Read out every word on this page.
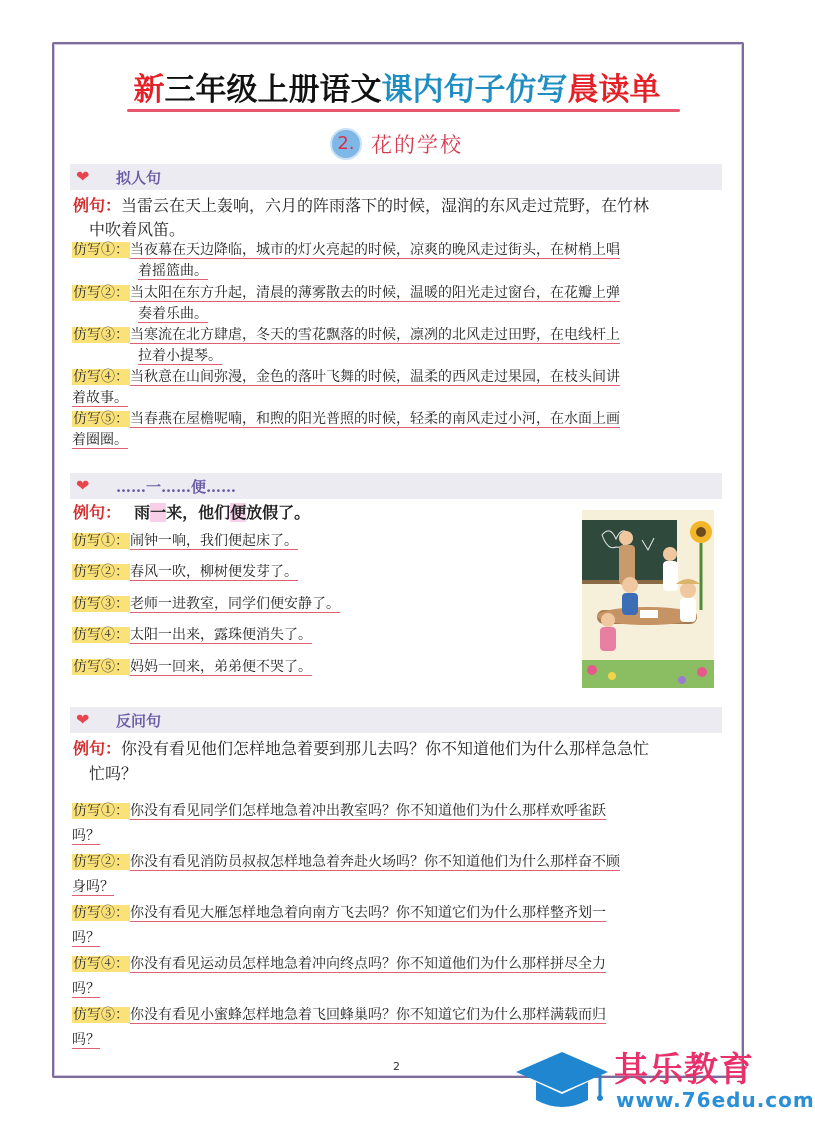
新三年级上册语文课内句子仿写晨读单
2. 花的学校
❤ 拟人句
例句：当雷云在天上轰响，六月的阵雨落下的时候，湿润的东风走过荒野，在竹林
中吹着风笛。
仿写①：当夜幕在天边降临，城市的灯火亮起的时候，凉爽的晚风走过街头，在树梢上唱
着摇篮曲。
仿写②：当太阳在东方升起，清晨的薄雾散去的时候，温暖的阳光走过窗台，在花瓣上弹
奏着乐曲。
仿写③：当寒流在北方肆虐，冬天的雪花飘落的时候，凛冽的北风走过田野，在电线杆上
拉着小提琴。
仿写④：当秋意在山间弥漫，金色的落叶飞舞的时候，温柔的西风走过果园，在枝头间讲
着故事。
仿写⑤：当春燕在屋檐呢喃，和煦的阳光普照的时候，轻柔的南风走过小河，在水面上画
着圈圈。
❤ ……一……便……
例句： 雨一来，他们便放假了。
仿写①：闹钟一响，我们便起床了。
仿写②：春风一吹，柳树便发芽了。
仿写③：老师一进教室，同学们便安静了。
仿写④：太阳一出来，露珠便消失了。
仿写⑤：妈妈一回来，弟弟便不哭了。
❤ 反问句
例句：你没有看见他们怎样地急着要到那儿去吗？你不知道他们为什么那样急急忙
忙吗？
仿写①：你没有看见同学们怎样地急着冲出教室吗？你不知道他们为什么那样欢呼雀跃
吗？
仿写②：你没有看见消防员叔叔怎样地急着奔赴火场吗？你不知道他们为什么那样奋不顾
身吗？
仿写③：你没有看见大雁怎样地急着向南方飞去吗？你不知道它们为什么那样整齐划一
吗？
仿写④：你没有看见运动员怎样地急着冲向终点吗？你不知道他们为什么那样拼尽全力
吗？
仿写⑤：你没有看见小蜜蜂怎样地急着飞回蜂巢吗？你不知道它们为什么那样满载而归
吗？
2	其乐教育
www.76edu.com
